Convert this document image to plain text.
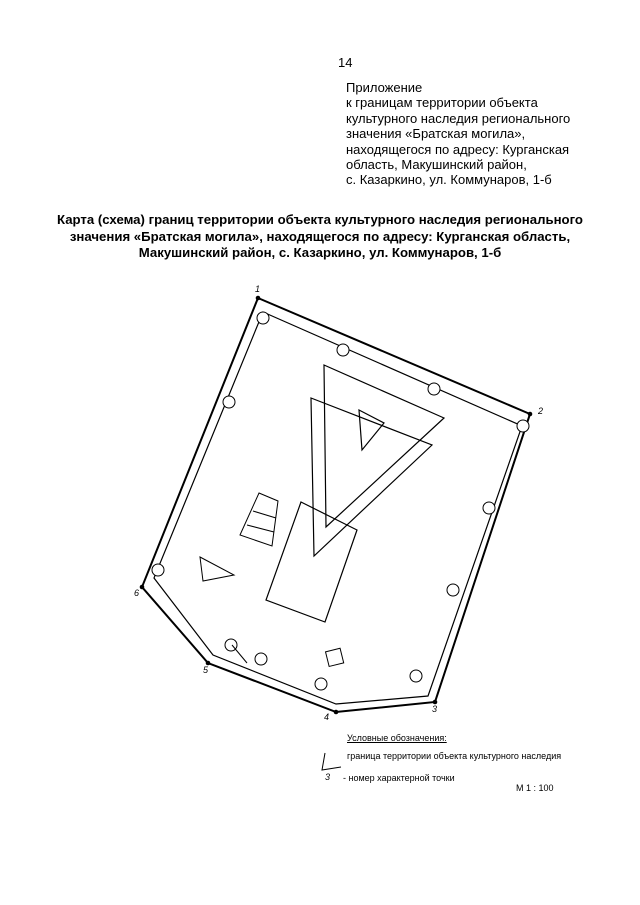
14
Приложение
к границам территории объекта
культурного наследия регионального
значения «Братская могила»,
находящегося по адресу: Курганская
область, Макушинский район,
с. Казаркино, ул. Коммунаров, 1-б
Карта (схема) границ территории объекта культурного наследия регионального
значения «Братская могила», находящегося по адресу: Курганская область,
Макушинский район, с. Казаркино, ул. Коммунаров, 1-б
1
2
3
4
5
6
Условные обозначения:
граница территории объекта культурного наследия
3 - номер характерной точки
М 1 : 100
